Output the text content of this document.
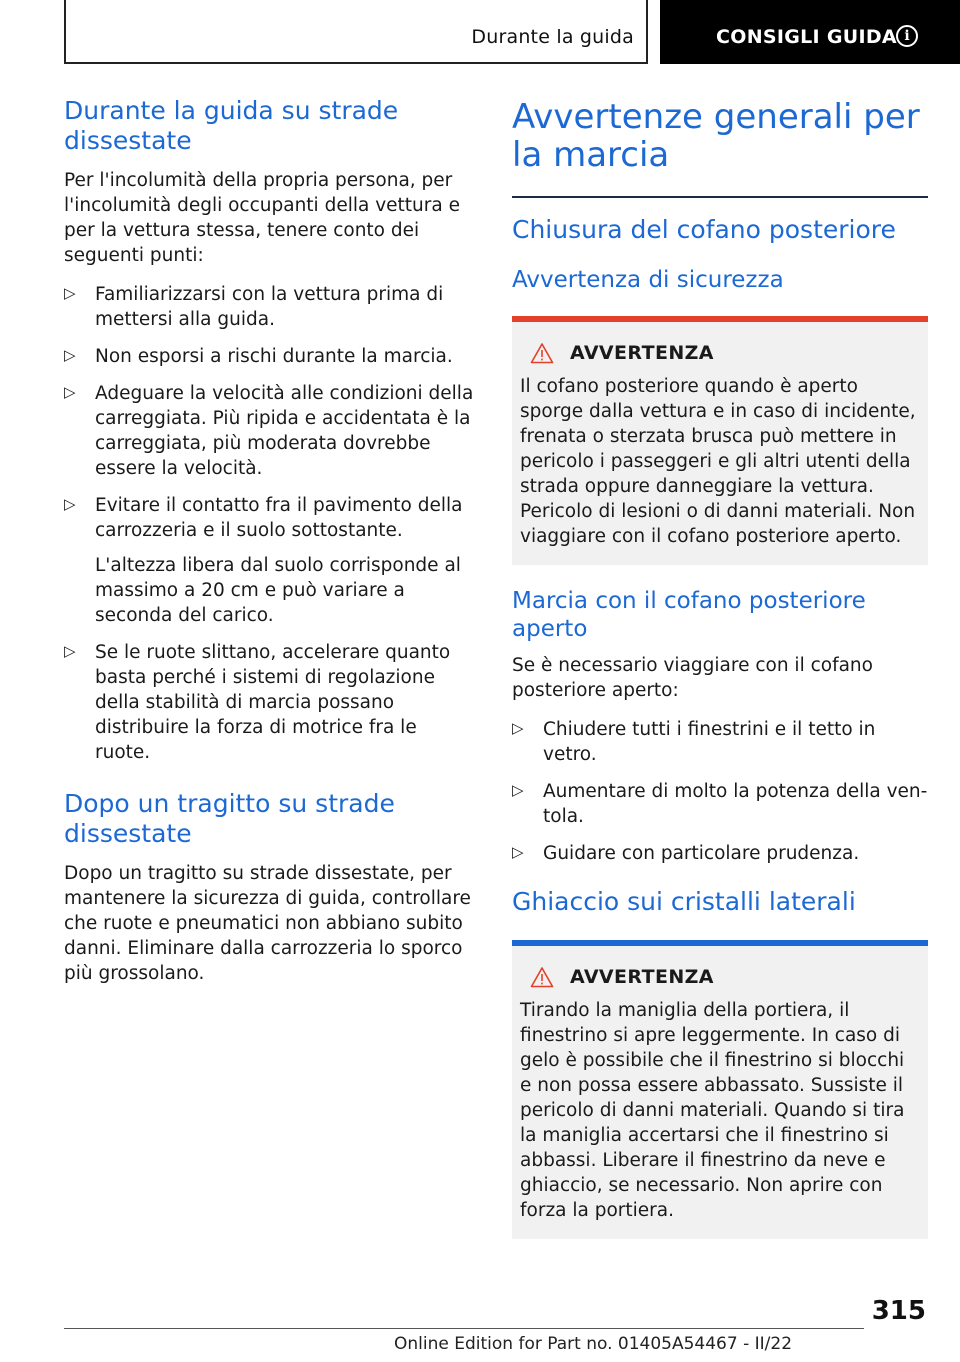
Durante la guida	CONSIGLI GUIDA i
Durante la guida su strade dissestate

Per l'incolumità della propria persona, per l'incolumità degli occupanti della vettura e per la vettura stessa, tenere conto dei seguenti punti:

▷ Familiarizzarsi con la vettura prima di mettersi alla guida.
▷ Non esporsi a rischi durante la marcia.
▷ Adeguare la velocità alle condizioni della carreggiata. Più ripida e accidentata è la carreggiata, più moderata dovrebbe essere la velocità.
▷ Evitare il contatto fra il pavimento della carrozzeria e il suolo sottostante.
L'altezza libera dal suolo corrisponde al massimo a 20 cm e può variare a seconda del carico.
▷ Se le ruote slittano, accelerare quanto basta perché i sistemi di regolazione della stabilità di marcia possano distribuire la forza di motrice fra le ruote.
Dopo un tragitto su strade dissestate

Dopo un tragitto su strade dissestate, per mantenere la sicurezza di guida, controllare che ruote e pneumatici non abbiano subito danni. Eliminare dalla carrozzeria lo sporco più grossolano.

Avvertenze generali per la marcia
Chiusura del cofano posteriore
Avvertenza di sicurezza
AVVERTENZA
Il cofano posteriore quando è aperto sporge dalla vettura e in caso di incidente, frenata o sterzata brusca può mettere in pericolo i passeggeri e gli altri utenti della strada oppure danneggiare la vettura. Pericolo di lesioni o di danni materiali. Non viaggiare con il cofano posteriore aperto.
Marcia con il cofano posteriore aperto

Se è necessario viaggiare con il cofano posteriore aperto:

▷ Chiudere tutti i finestrini e il tetto in vetro.
▷ Aumentare di molto la potenza della ventola.
▷ Guidare con particolare prudenza.
Ghiaccio sui cristalli laterali
AVVERTENZA
Tirando la maniglia della portiera, il finestrino si apre leggermente. In caso di gelo è possibile che il finestrino si blocchi e non possa essere abbassato. Sussiste il pericolo di danni materiali. Quando si tira la maniglia accertarsi che il finestrino si abbassi. Liberare il finestrino da neve e ghiaccio, se necessario. Non aprire con forza la portiera.
315
Online Edition for Part no. 01405A54467 - II/22
